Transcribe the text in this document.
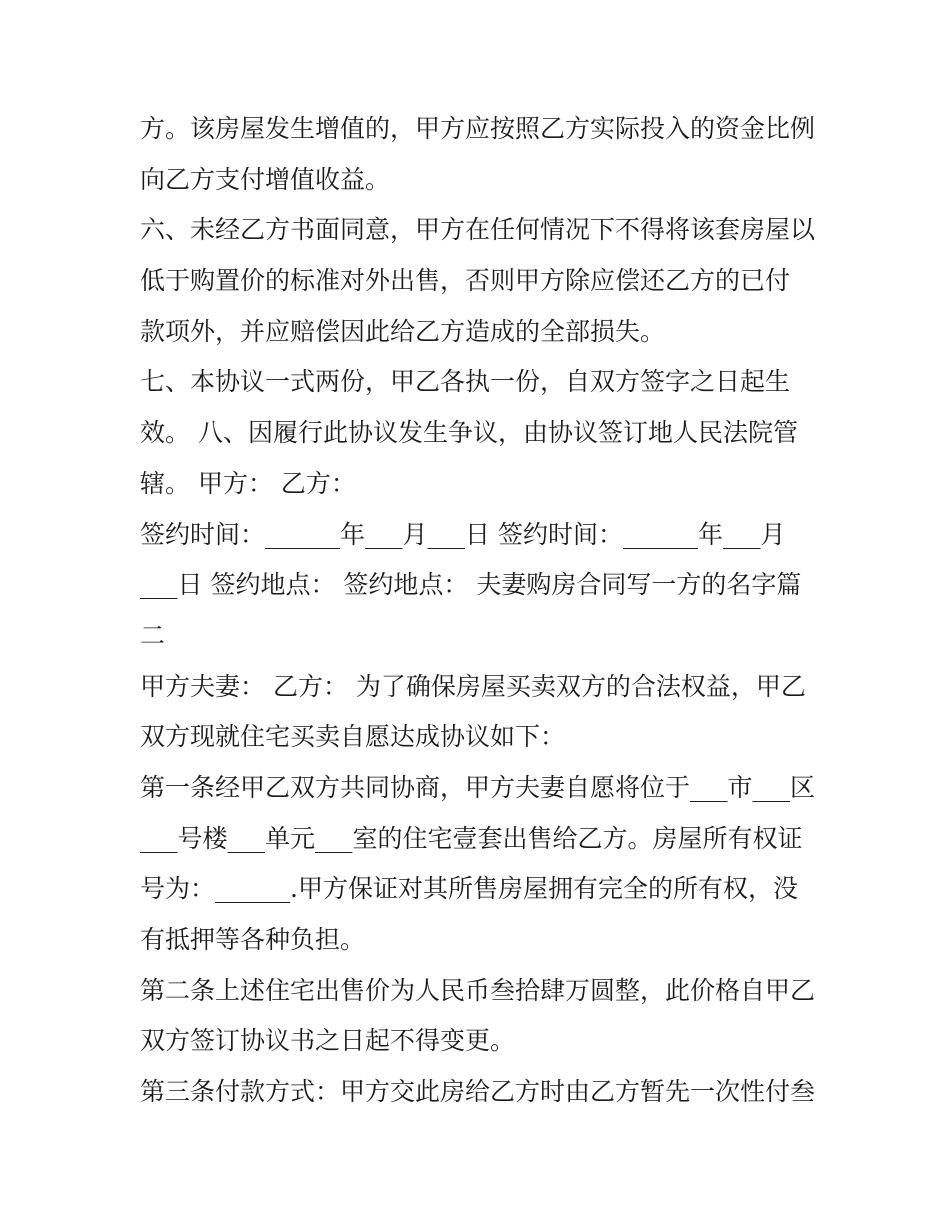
方。该房屋发生增值的，甲方应按照乙方实际投入的资金比例
向乙方支付增值收益。
六、未经乙方书面同意，甲方在任何情况下不得将该套房屋以
低于购置价的标准对外出售，否则甲方除应偿还乙方的已付
款项外，并应赔偿因此给乙方造成的全部损失。
七、本协议一式两份，甲乙各执一份，自双方签字之日起生
效。 八、因履行此协议发生争议，由协议签订地人民法院管
辖。 甲方： 乙方：
签约时间：______年___月___日 签约时间：______年___月
___日 签约地点： 签约地点： 夫妻购房合同写一方的名字篇
二
甲方夫妻： 乙方： 为了确保房屋买卖双方的合法权益，甲乙
双方现就住宅买卖自愿达成协议如下：
第一条经甲乙双方共同协商，甲方夫妻自愿将位于___市___区
___号楼___单元___室的住宅壹套出售给乙方。房屋所有权证
号为：______.甲方保证对其所售房屋拥有完全的所有权，没
有抵押等各种负担。
第二条上述住宅出售价为人民币叁拾肆万圆整，此价格自甲乙
双方签订协议书之日起不得变更。
第三条付款方式：甲方交此房给乙方时由乙方暂先一次性付叁
